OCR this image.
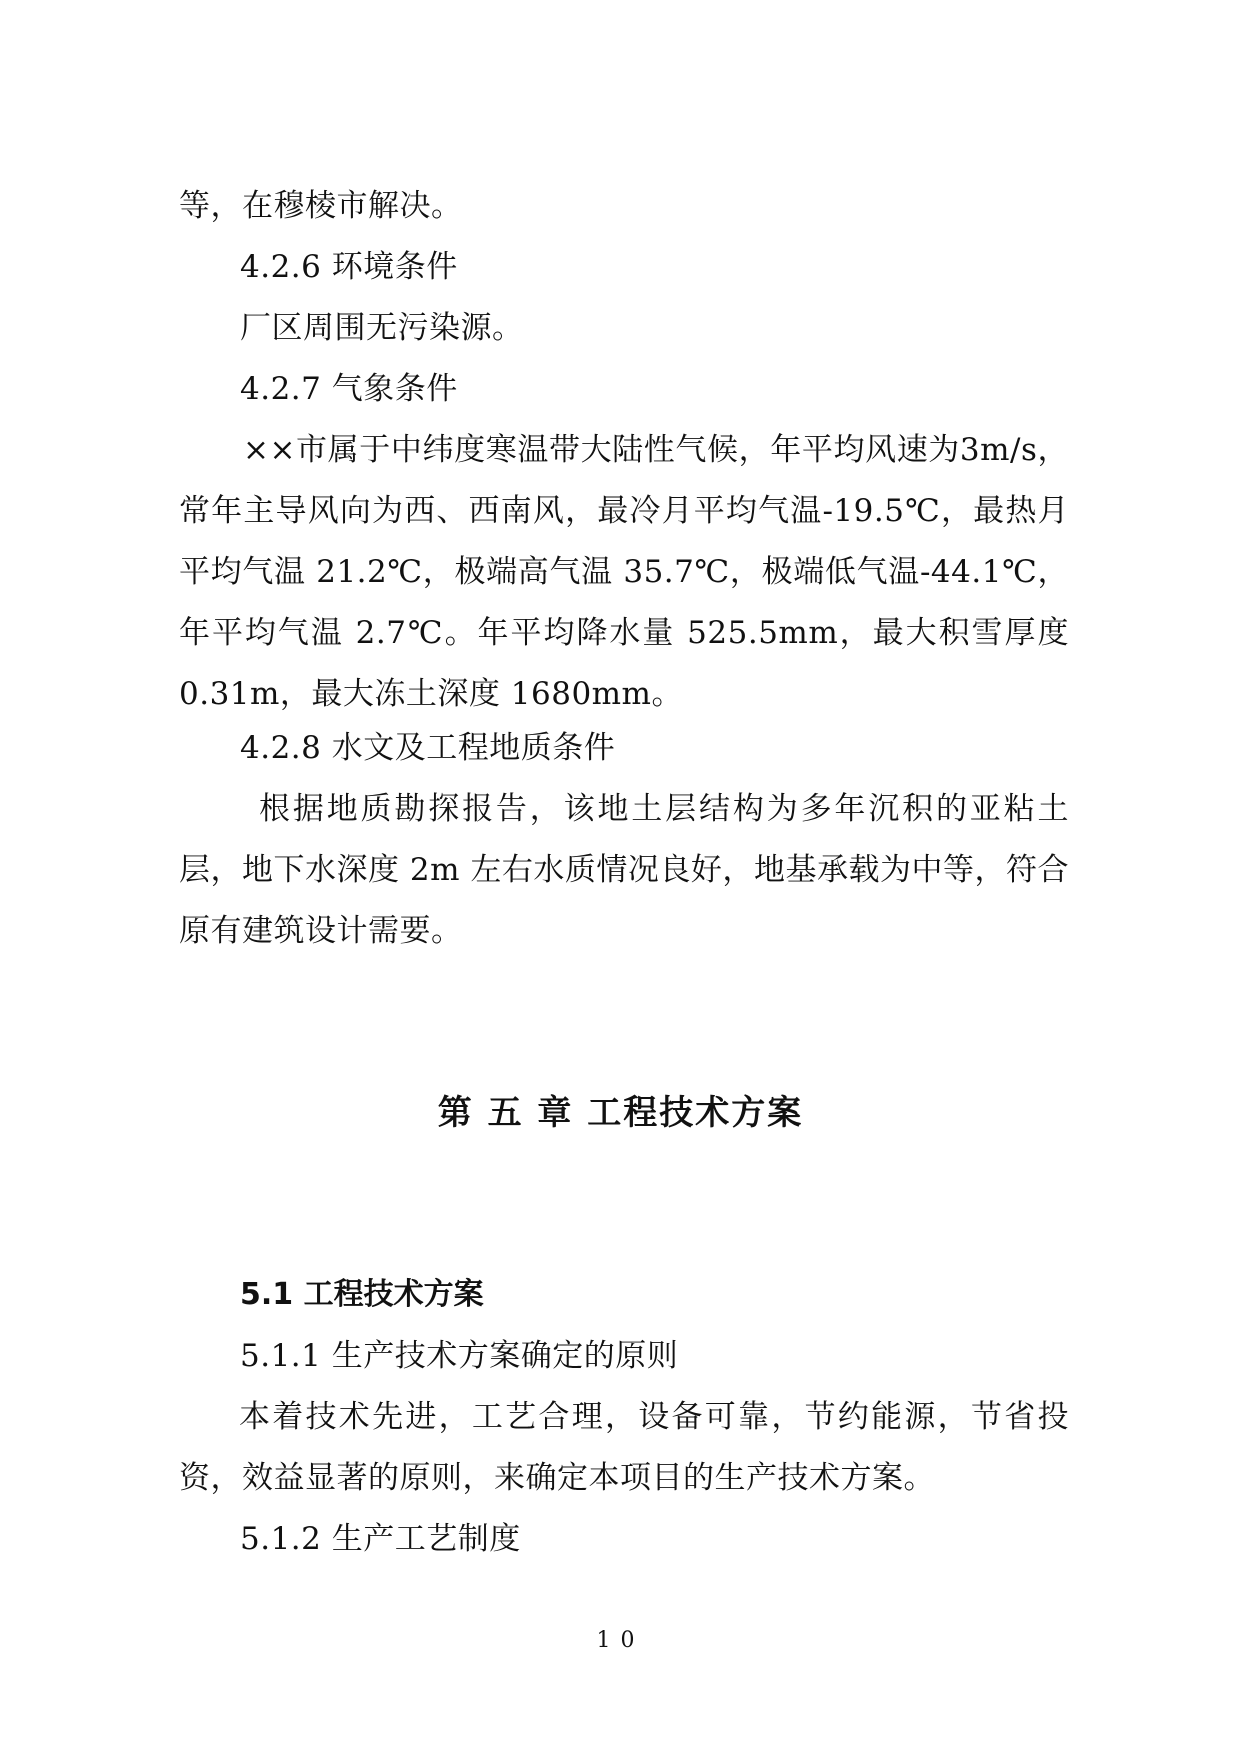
等，在穆棱市解决。
4.2.6 环境条件
厂区周围无污染源。
4.2.7 气象条件
××市属于中纬度寒温带大陆性气候，年平均风速为3m/s，常年主导风向为西、西南风，最冷月平均气温-19.5℃，最热月平均气温 21.2℃，极端高气温 35.7℃，极端低气温-44.1℃，年平均气温 2.7℃。年平均降水量 525.5mm，最大积雪厚度 0.31m，最大冻土深度 1680mm。
4.2.8 水文及工程地质条件
根据地质勘探报告，该地土层结构为多年沉积的亚粘土层，地下水深度 2m 左右水质情况良好，地基承载为中等，符合原有建筑设计需要。
第 五 章 工程技术方案
5.1 工程技术方案
5.1.1 生产技术方案确定的原则
本着技术先进，工艺合理，设备可靠，节约能源，节省投资，效益显著的原则，来确定本项目的生产技术方案。
5.1.2 生产工艺制度
10
